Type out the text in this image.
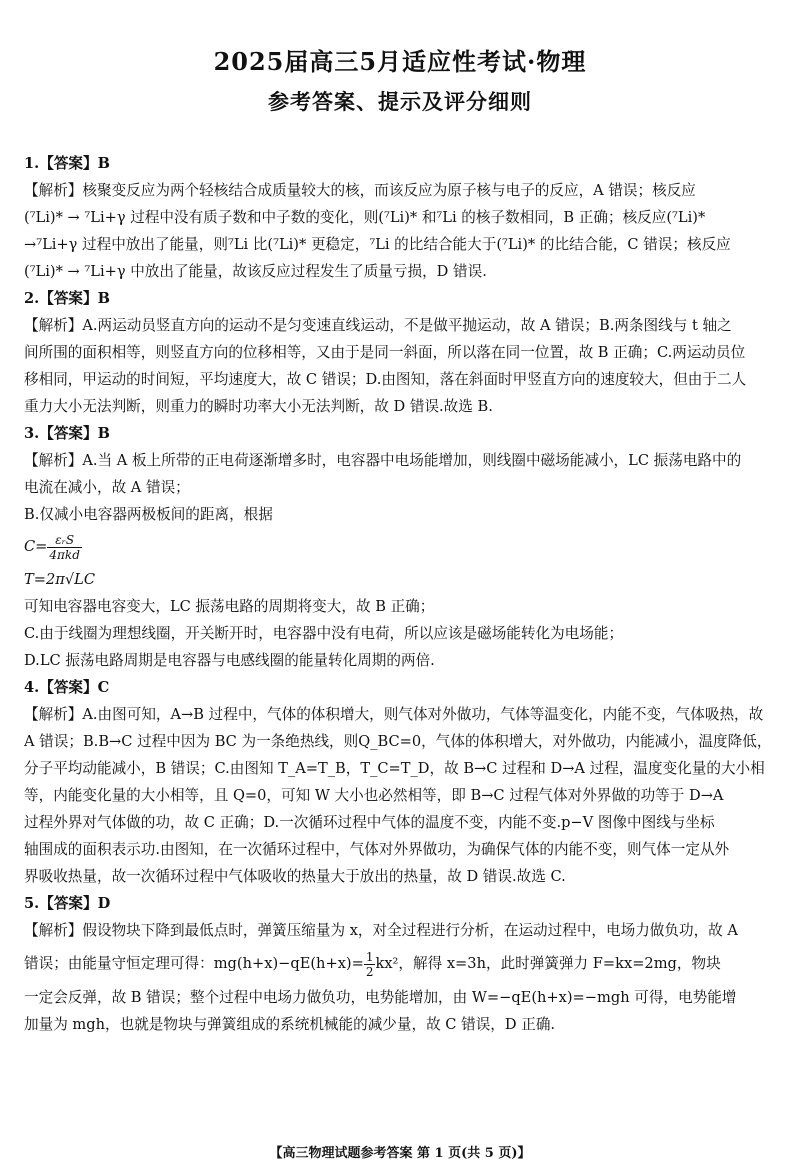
2025届高三5月适应性考试·物理
参考答案、提示及评分细则

1.【答案】B

【解析】核聚变反应为两个轻核结合成质量较大的核，而该反应为原子核与电子的反应，A 错误；核反应

(⁷Li)* → ⁷Li+γ 过程中没有质子数和中子数的变化，则(⁷Li)* 和⁷Li 的核子数相同，B 正确；核反应(⁷Li)*

→⁷Li+γ 过程中放出了能量，则⁷Li 比(⁷Li)* 更稳定，⁷Li 的比结合能大于(⁷Li)* 的比结合能，C 错误；核反应

(⁷Li)* → ⁷Li+γ 中放出了能量，故该反应过程发生了质量亏损，D 错误.

2.【答案】B

【解析】A.两运动员竖直方向的运动不是匀变速直线运动，不是做平抛运动，故 A 错误；B.两条图线与 t 轴之

间所围的面积相等，则竖直方向的位移相等，又由于是同一斜面，所以落在同一位置，故 B 正确；C.两运动员位

移相同，甲运动的时间短，平均速度大，故 C 错误；D.由图知，落在斜面时甲竖直方向的速度较大，但由于二人

重力大小无法判断，则重力的瞬时功率大小无法判断，故 D 错误.故选 B.

3.【答案】B

【解析】A.当 A 板上所带的正电荷逐渐增多时，电容器中电场能增加，则线圈中磁场能减小，LC 振荡电路中的

电流在减小，故 A 错误；

B.仅减小电容器两极板间的距离，根据

$C= \frac{\text{εᵣS}}{\text{4πkd}}$

T=2π√LC

可知电容器电容变大，LC 振荡电路的周期将变大，故 B 正确；

C.由于线圈为理想线圈，开关断开时，电容器中没有电荷，所以应该是磁场能转化为电场能；

D.LC 振荡电路周期是电容器与电感线圈的能量转化周期的两倍.

4.【答案】C

【解析】A.由图可知，A→B 过程中，气体的体积增大，则气体对外做功，气体等温变化，内能不变，气体吸热，故

A 错误；B.B→C 过程中因为 BC 为一条绝热线，则Q_BC=0，气体的体积增大，对外做功，内能减小，温度降低，

分子平均动能减小，B 错误；C.由图知 T_A=T_B，T_C=T_D，故 B→C 过程和 D→A 过程，温度变化量的大小相

等，内能变化量的大小相等，且 Q=0，可知 W 大小也必然相等，即 B→C 过程气体对外界做的功等于 D→A

过程外界对气体做的功，故 C 正确；D.一次循环过程中气体的温度不变，内能不变.p−V 图像中图线与坐标

轴围成的面积表示功.由图知，在一次循环过程中，气体对外界做功，为确保气体的内能不变，则气体一定从外

界吸收热量，故一次循环过程中气体吸收的热量大于放出的热量，故 D 错误.故选 C.

5.【答案】D

【解析】假设物块下降到最低点时，弹簧压缩量为 x，对全过程进行分析，在运动过程中，电场力做负功，故 A

错误；由能量守恒定理可得：$mg(h+x)-qE(h+x)= \frac{1}{2} kx^2$，解得 x=3h，此时弹簧弹力 F=kx=2mg，物块

一定会反弹，故 B 错误；整个过程中电场力做负功，电势能增加，由 W=−qE(h+x)=−mgh 可得，电势能增

加量为 mgh，也就是物块与弹簧组成的系统机械能的减少量，故 C 错误，D 正确.

【高三物理试题参考答案 第 1 页(共 5 页)】
